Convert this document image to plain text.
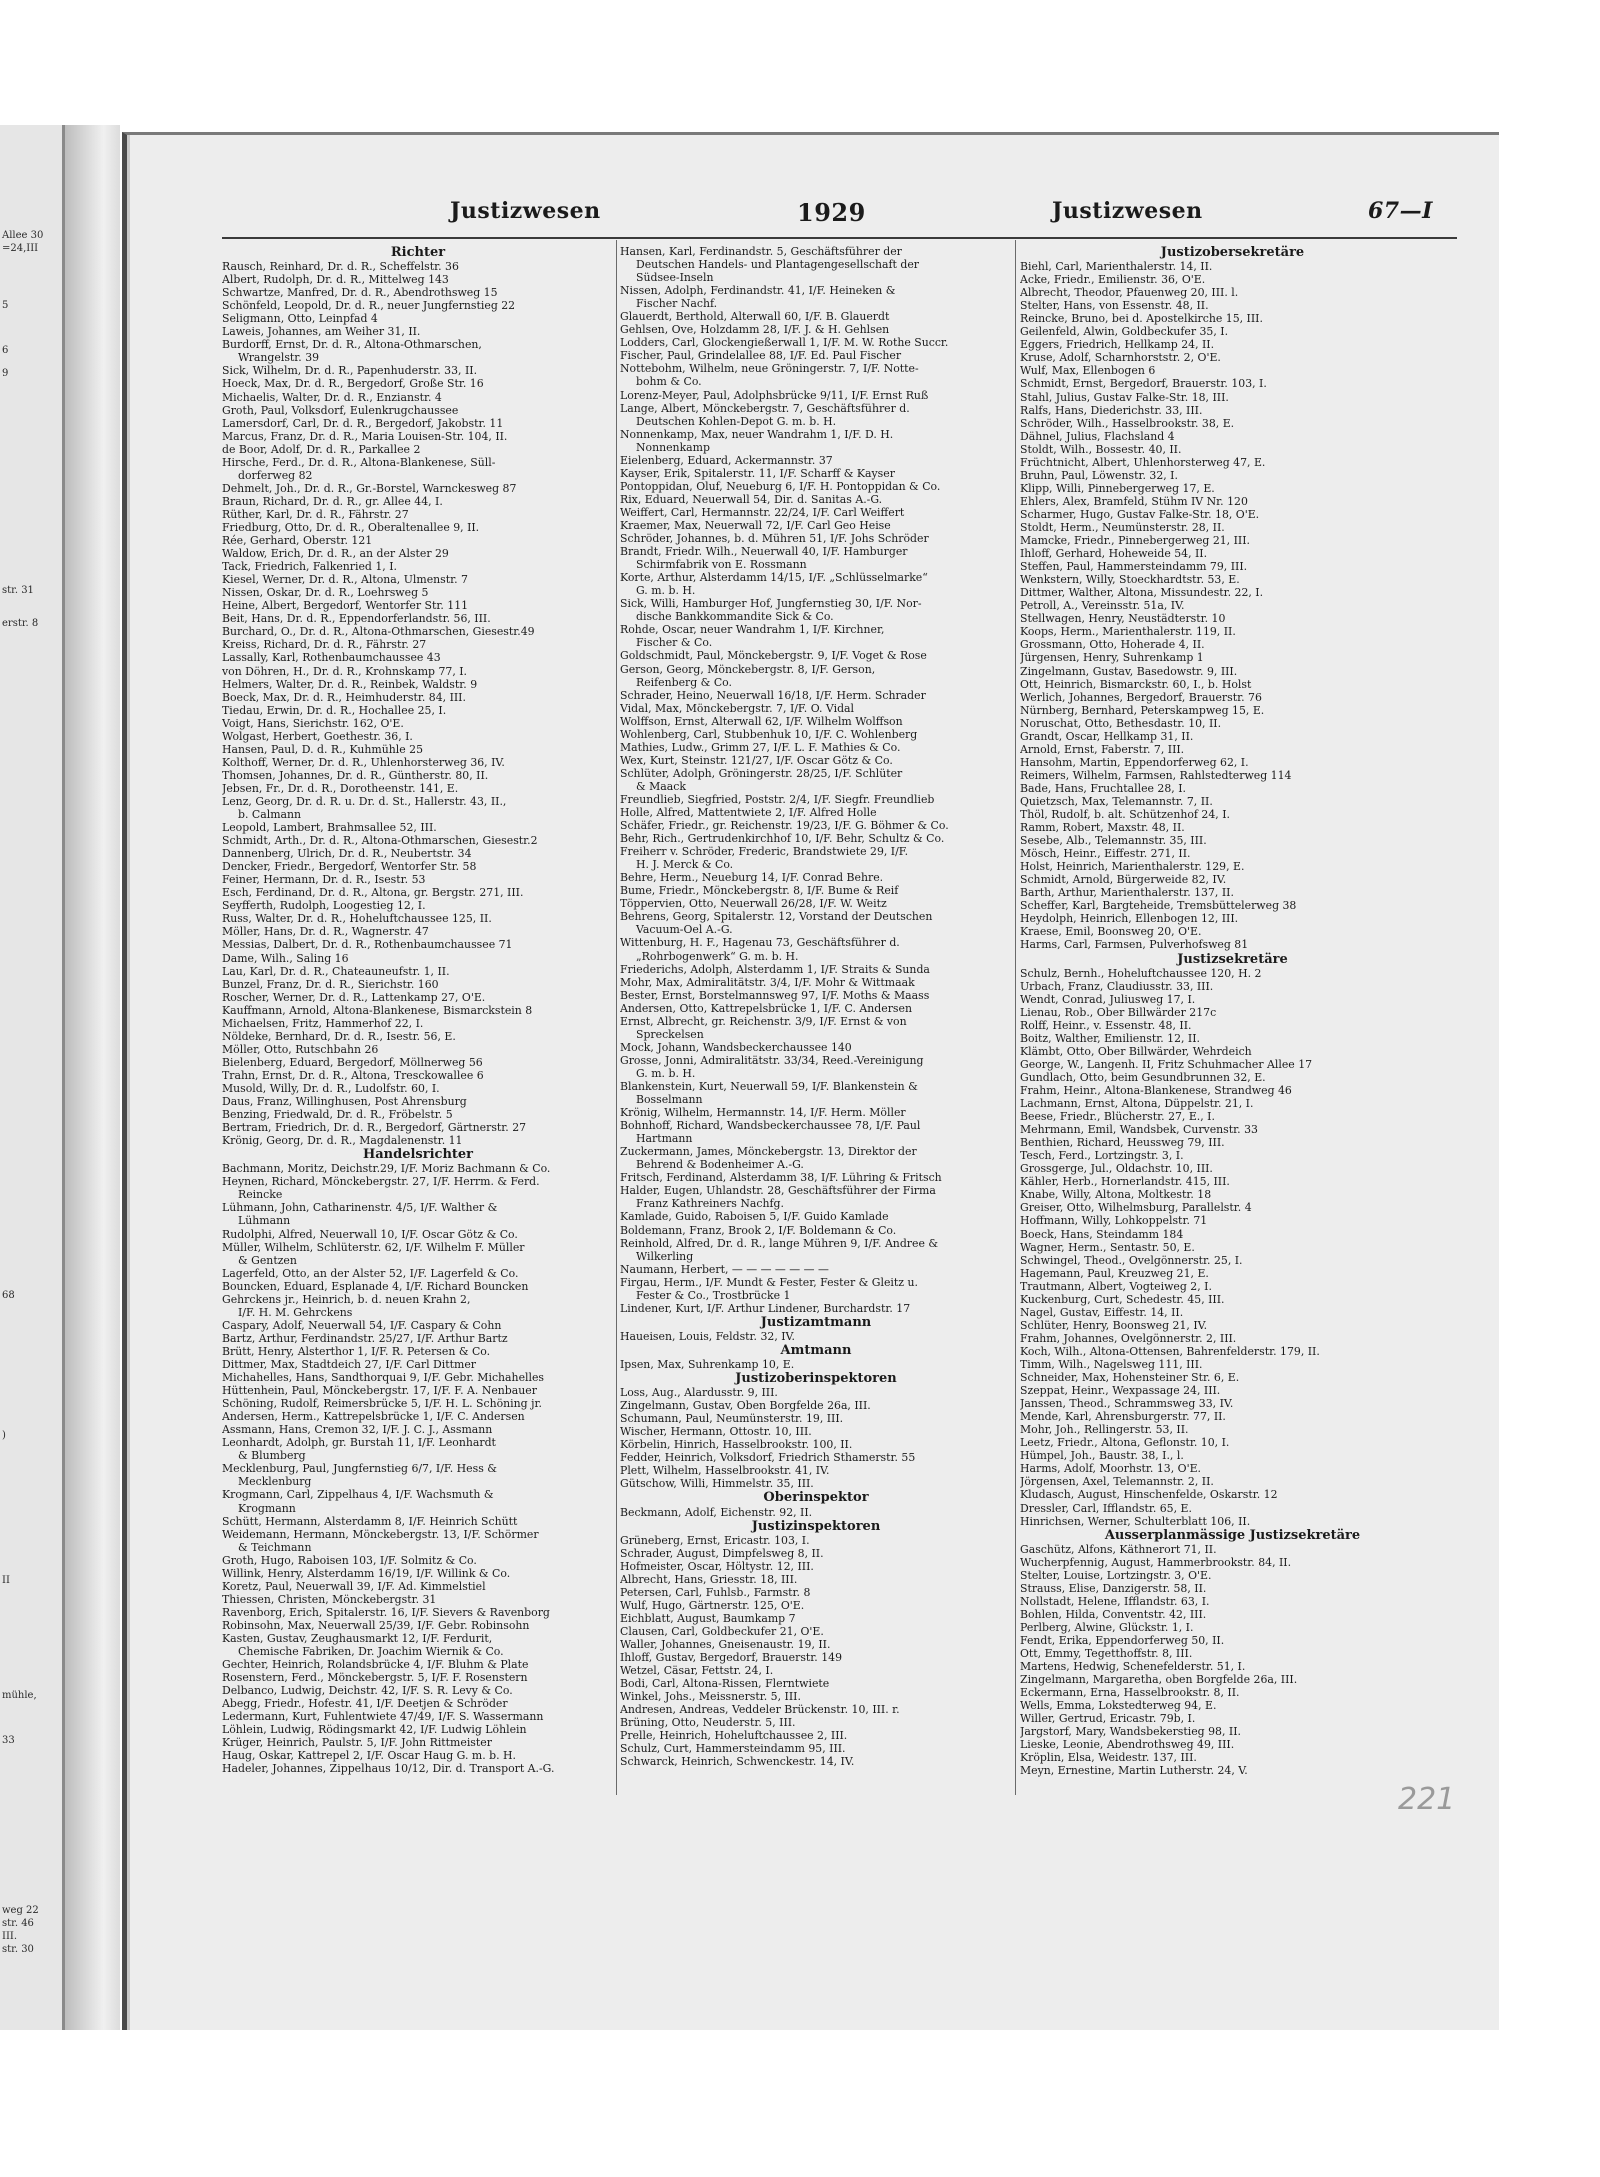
Allee 30
=24,III
5
6
9
str. 31
erstr. 8
68
)
II
mühle,
33
weg 22
str. 46
III.
str. 30
Justizwesen	1929	Justizwesen	67—I
Richter
Rausch, Reinhard, Dr. d. R., Scheffelstr. 36
Albert, Rudolph, Dr. d. R., Mittelweg 143
Schwartze, Manfred, Dr. d. R., Abendrothsweg 15
Schönfeld, Leopold, Dr. d. R., neuer Jungfernstieg 22
Seligmann, Otto, Leinpfad 4
Laweis, Johannes, am Weiher 31, II.
Burdorff, Ernst, Dr. d. R., Altona-Othmarschen,
Wrangelstr. 39
Sick, Wilhelm, Dr. d. R., Papenhuderstr. 33, II.
Hoeck, Max, Dr. d. R., Bergedorf, Große Str. 16
Michaelis, Walter, Dr. d. R., Enzianstr. 4
Groth, Paul, Volksdorf, Eulenkrugchaussee
Lamersdorf, Carl, Dr. d. R., Bergedorf, Jakobstr. 11
Marcus, Franz, Dr. d. R., Maria Louisen-Str. 104, II.
de Boor, Adolf, Dr. d. R., Parkallee 2
Hirsche, Ferd., Dr. d. R., Altona-Blankenese, Süll-
dorferweg 82
Dehmelt, Joh., Dr. d. R., Gr.-Borstel, Warnckesweg 87
Braun, Richard, Dr. d. R., gr. Allee 44, I.
Rüther, Karl, Dr. d. R., Fährstr. 27
Friedburg, Otto, Dr. d. R., Oberaltenallee 9, II.
Rée, Gerhard, Oberstr. 121
Waldow, Erich, Dr. d. R., an der Alster 29
Tack, Friedrich, Falkenried 1, I.
Kiesel, Werner, Dr. d. R., Altona, Ulmenstr. 7
Nissen, Oskar, Dr. d. R., Loehrsweg 5
Heine, Albert, Bergedorf, Wentorfer Str. 111
Beit, Hans, Dr. d. R., Eppendorferlandstr. 56, III.
Burchard, O., Dr. d. R., Altona-Othmarschen, Giesestr.49
Kreiss, Richard, Dr. d. R., Fährstr. 27
Lassally, Karl, Rothenbaumchaussee 43
von Döhren, H., Dr. d. R., Krohnskamp 77, I.
Helmers, Walter, Dr. d. R., Reinbek, Waldstr. 9
Boeck, Max, Dr. d. R., Heimhuderstr. 84, III.
Tiedau, Erwin, Dr. d. R., Hochallee 25, I.
Voigt, Hans, Sierichstr. 162, O'E.
Wolgast, Herbert, Goethestr. 36, I.
Hansen, Paul, D. d. R., Kuhmühle 25
Kolthoff, Werner, Dr. d. R., Uhlenhorsterweg 36, IV.
Thomsen, Johannes, Dr. d. R., Güntherstr. 80, II.
Jebsen, Fr., Dr. d. R., Dorotheenstr. 141, E.
Lenz, Georg, Dr. d. R. u. Dr. d. St., Hallerstr. 43, II.,
b. Calmann
Leopold, Lambert, Brahmsallee 52, III.
Schmidt, Arth., Dr. d. R., Altona-Othmarschen, Giesestr.2
Dannenberg, Ulrich, Dr. d. R., Neubertstr. 34
Dencker, Friedr., Bergedorf, Wentorfer Str. 58
Feiner, Hermann, Dr. d. R., Isestr. 53
Esch, Ferdinand, Dr. d. R., Altona, gr. Bergstr. 271, III.
Seyfferth, Rudolph, Loogestieg 12, I.
Russ, Walter, Dr. d. R., Hoheluftchaussee 125, II.
Möller, Hans, Dr. d. R., Wagnerstr. 47
Messias, Dalbert, Dr. d. R., Rothenbaumchaussee 71
Dame, Wilh., Saling 16
Lau, Karl, Dr. d. R., Chateauneufstr. 1, II.
Bunzel, Franz, Dr. d. R., Sierichstr. 160
Roscher, Werner, Dr. d. R., Lattenkamp 27, O'E.
Kauffmann, Arnold, Altona-Blankenese, Bismarckstein 8
Michaelsen, Fritz, Hammerhof 22, I.
Nöldeke, Bernhard, Dr. d. R., Isestr. 56, E.
Möller, Otto, Rutschbahn 26
Bielenberg, Eduard, Bergedorf, Möllnerweg 56
Trahn, Ernst, Dr. d. R., Altona, Tresckowallee 6
Musold, Willy, Dr. d. R., Ludolfstr. 60, I.
Daus, Franz, Willinghusen, Post Ahrensburg
Benzing, Friedwald, Dr. d. R., Fröbelstr. 5
Bertram, Friedrich, Dr. d. R., Bergedorf, Gärtnerstr. 27
Krönig, Georg, Dr. d. R., Magdalenenstr. 11
Handelsrichter
Bachmann, Moritz, Deichstr.29, I/F. Moriz Bachmann & Co.
Heynen, Richard, Mönckebergstr. 27, I/F. Herrm. & Ferd.
Reincke
Lühmann, John, Catharinenstr. 4/5, I/F. Walther &
Lühmann
Rudolphi, Alfred, Neuerwall 10, I/F. Oscar Götz & Co.
Müller, Wilhelm, Schlüterstr. 62, I/F. Wilhelm F. Müller
& Gentzen
Lagerfeld, Otto, an der Alster 52, I/F. Lagerfeld & Co.
Bouncken, Eduard, Esplanade 4, I/F. Richard Bouncken
Gehrckens jr., Heinrich, b. d. neuen Krahn 2,
I/F. H. M. Gehrckens
Caspary, Adolf, Neuerwall 54, I/F. Caspary & Cohn
Bartz, Arthur, Ferdinandstr. 25/27, I/F. Arthur Bartz
Brütt, Henry, Alsterthor 1, I/F. R. Petersen & Co.
Dittmer, Max, Stadtdeich 27, I/F. Carl Dittmer
Michahelles, Hans, Sandthorquai 9, I/F. Gebr. Michahelles
Hüttenhein, Paul, Mönckebergstr. 17, I/F. F. A. Nenbauer
Schöning, Rudolf, Reimersbrücke 5, I/F. H. L. Schöning jr.
Andersen, Herm., Kattrepelsbrücke 1, I/F. C. Andersen
Assmann, Hans, Cremon 32, I/F. J. C. J., Assmann
Leonhardt, Adolph, gr. Burstah 11, I/F. Leonhardt
& Blumberg
Mecklenburg, Paul, Jungfernstieg 6/7, I/F. Hess &
Mecklenburg
Krogmann, Carl, Zippelhaus 4, I/F. Wachsmuth &
Krogmann
Schütt, Hermann, Alsterdamm 8, I/F. Heinrich Schütt
Weidemann, Hermann, Mönckebergstr. 13, I/F. Schörmer
& Teichmann
Groth, Hugo, Raboisen 103, I/F. Solmitz & Co.
Willink, Henry, Alsterdamm 16/19, I/F. Willink & Co.
Koretz, Paul, Neuerwall 39, I/F. Ad. Kimmelstiel
Thiessen, Christen, Mönckebergstr. 31
Ravenborg, Erich, Spitalerstr. 16, I/F. Sievers & Ravenborg
Robinsohn, Max, Neuerwall 25/39, I/F. Gebr. Robinsohn
Kasten, Gustav, Zeughausmarkt 12, I/F. Ferdurit,
Chemische Fabriken, Dr. Joachim Wiernik & Co.
Gechter, Heinrich, Rolandsbrücke 4, I/F. Bluhm & Plate
Rosenstern, Ferd., Mönckebergstr. 5, I/F. F. Rosenstern
Delbanco, Ludwig, Deichstr. 42, I/F. S. R. Levy & Co.
Abegg, Friedr., Hofestr. 41, I/F. Deetjen & Schröder
Ledermann, Kurt, Fuhlentwiete 47/49, I/F. S. Wassermann
Löhlein, Ludwig, Rödingsmarkt 42, I/F. Ludwig Löhlein
Krüger, Heinrich, Paulstr. 5, I/F. John Rittmeister
Haug, Oskar, Kattrepel 2, I/F. Oscar Haug G. m. b. H.
Hadeler, Johannes, Zippelhaus 10/12, Dir. d. Transport A.-G.
Hansen, Karl, Ferdinandstr. 5, Geschäftsführer der
Deutschen Handels- und Plantagengesellschaft der
Südsee-Inseln
Nissen, Adolph, Ferdinandstr. 41, I/F. Heineken &
Fischer Nachf.
Glauerdt, Berthold, Alterwall 60, I/F. B. Glauerdt
Gehlsen, Ove, Holzdamm 28, I/F. J. & H. Gehlsen
Lodders, Carl, Glockengießerwall 1, I/F. M. W. Rothe Succr.
Fischer, Paul, Grindelallee 88, I/F. Ed. Paul Fischer
Nottebohm, Wilhelm, neue Gröningerstr. 7, I/F. Notte-
bohm & Co.
Lorenz-Meyer, Paul, Adolphsbrücke 9/11, I/F. Ernst Ruß
Lange, Albert, Mönckebergstr. 7, Geschäftsführer d.
Deutschen Kohlen-Depot G. m. b. H.
Nonnenkamp, Max, neuer Wandrahm 1, I/F. D. H.
Nonnenkamp
Eielenberg, Eduard, Ackermannstr. 37
Kayser, Erik, Spitalerstr. 11, I/F. Scharff & Kayser
Pontoppidan, Oluf, Neueburg 6, I/F. H. Pontoppidan & Co.
Rix, Eduard, Neuerwall 54, Dir. d. Sanitas A.-G.
Weiffert, Carl, Hermannstr. 22/24, I/F. Carl Weiffert
Kraemer, Max, Neuerwall 72, I/F. Carl Geo Heise
Schröder, Johannes, b. d. Mühren 51, I/F. Johs Schröder
Brandt, Friedr. Wilh., Neuerwall 40, I/F. Hamburger
Schirmfabrik von E. Rossmann
Korte, Arthur, Alsterdamm 14/15, I/F. „Schlüsselmarke“
G. m. b. H.
Sick, Willi, Hamburger Hof, Jungfernstieg 30, I/F. Nor-
dische Bankkommandite Sick & Co.
Rohde, Oscar, neuer Wandrahm 1, I/F. Kirchner,
Fischer & Co.
Goldschmidt, Paul, Mönckebergstr. 9, I/F. Voget & Rose
Gerson, Georg, Mönckebergstr. 8, I/F. Gerson,
Reifenberg & Co.
Schrader, Heino, Neuerwall 16/18, I/F. Herm. Schrader
Vidal, Max, Mönckebergstr. 7, I/F. O. Vidal
Wolffson, Ernst, Alterwall 62, I/F. Wilhelm Wolffson
Wohlenberg, Carl, Stubbenhuk 10, I/F. C. Wohlenberg
Mathies, Ludw., Grimm 27, I/F. L. F. Mathies & Co.
Wex, Kurt, Steinstr. 121/27, I/F. Oscar Götz & Co.
Schlüter, Adolph, Gröningerstr. 28/25, I/F. Schlüter
& Maack
Freundlieb, Siegfried, Poststr. 2/4, I/F. Siegfr. Freundlieb
Holle, Alfred, Mattentwiete 2, I/F. Alfred Holle
Schäfer, Friedr., gr. Reichenstr. 19/23, I/F. G. Böhmer & Co.
Behr, Rich., Gertrudenkirchhof 10, I/F. Behr, Schultz & Co.
Freiherr v. Schröder, Frederic, Brandstwiete 29, I/F.
H. J. Merck & Co.
Behre, Herm., Neueburg 14, I/F. Conrad Behre.
Bume, Friedr., Mönckebergstr. 8, I/F. Bume & Reif
Töppervien, Otto, Neuerwall 26/28, I/F. W. Weitz
Behrens, Georg, Spitalerstr. 12, Vorstand der Deutschen
Vacuum-Oel A.-G.
Wittenburg, H. F., Hagenau 73, Geschäftsführer d.
„Rohrbogenwerk“ G. m. b. H.
Friederichs, Adolph, Alsterdamm 1, I/F. Straits & Sunda
Mohr, Max, Admiralitätstr. 3/4, I/F. Mohr & Wittmaak
Bester, Ernst, Borstelmannsweg 97, I/F. Moths & Maass
Andersen, Otto, Kattrepelsbrücke 1, I/F. C. Andersen
Ernst, Albrecht, gr. Reichenstr. 3/9, I/F. Ernst & von
Spreckelsen
Mock, Johann, Wandsbeckerchaussee 140
Grosse, Jonni, Admiralitätstr. 33/34, Reed.-Vereinigung
G. m. b. H.
Blankenstein, Kurt, Neuerwall 59, I/F. Blankenstein &
Bosselmann
Krönig, Wilhelm, Hermannstr. 14, I/F. Herm. Möller
Bohnhoff, Richard, Wandsbeckerchaussee 78, I/F. Paul
Hartmann
Zuckermann, James, Mönckebergstr. 13, Direktor der
Behrend & Bodenheimer A.-G.
Fritsch, Ferdinand, Alsterdamm 38, I/F. Lühring & Fritsch
Halder, Eugen, Uhlandstr. 28, Geschäftsführer der Firma
Franz Kathreiners Nachfg.
Kamlade, Guido, Raboisen 5, I/F. Guido Kamlade
Boldemann, Franz, Brook 2, I/F. Boldemann & Co.
Reinhold, Alfred, Dr. d. R., lange Mühren 9, I/F. Andree &
Wilkerling
Naumann, Herbert, — — — — — — —
Firgau, Herm., I/F. Mundt & Fester, Fester & Gleitz u.
Fester & Co., Trostbrücke 1
Lindener, Kurt, I/F. Arthur Lindener, Burchardstr. 17
Justizamtmann
Haueisen, Louis, Feldstr. 32, IV.
Amtmann
Ipsen, Max, Suhrenkamp 10, E.
Justizoberinspektoren
Loss, Aug., Alardusstr. 9, III.
Zingelmann, Gustav, Oben Borgfelde 26a, III.
Schumann, Paul, Neumünsterstr. 19, III.
Wischer, Hermann, Ottostr. 10, III.
Körbelin, Hinrich, Hasselbrookstr. 100, II.
Fedder, Heinrich, Volksdorf, Friedrich Sthamerstr. 55
Plett, Wilhelm, Hasselbrookstr. 41, IV.
Gütschow, Willi, Himmelstr. 35, III.
Oberinspektor
Beckmann, Adolf, Eichenstr. 92, II.
Justizinspektoren
Grüneberg, Ernst, Ericastr. 103, I.
Schrader, August, Dimpfelsweg 8, II.
Hofmeister, Oscar, Höltystr. 12, III.
Albrecht, Hans, Griesstr. 18, III.
Petersen, Carl, Fuhlsb., Farmstr. 8
Wulf, Hugo, Gärtnerstr. 125, O'E.
Eichblatt, August, Baumkamp 7
Clausen, Carl, Goldbeckufer 21, O'E.
Waller, Johannes, Gneisenaustr. 19, II.
Ihloff, Gustav, Bergedorf, Brauerstr. 149
Wetzel, Cäsar, Fettstr. 24, I.
Bodi, Carl, Altona-Rissen, Flerntwiete
Winkel, Johs., Meissnerstr. 5, III.
Andresen, Andreas, Veddeler Brückenstr. 10, III. r.
Brüning, Otto, Neuderstr. 5, III.
Prelle, Heinrich, Hoheluftchaussee 2, III.
Schulz, Curt, Hammersteindamm 95, III.
Schwarck, Heinrich, Schwenckestr. 14, IV.
Justizobersekretäre
Biehl, Carl, Marienthalerstr. 14, II.
Acke, Friedr., Emilienstr. 36, O'E.
Albrecht, Theodor, Pfauenweg 20, III. l.
Stelter, Hans, von Essenstr. 48, II.
Reincke, Bruno, bei d. Apostelkirche 15, III.
Geilenfeld, Alwin, Goldbeckufer 35, I.
Eggers, Friedrich, Hellkamp 24, II.
Kruse, Adolf, Scharnhorststr. 2, O'E.
Wulf, Max, Ellenbogen 6
Schmidt, Ernst, Bergedorf, Brauerstr. 103, I.
Stahl, Julius, Gustav Falke-Str. 18, III.
Ralfs, Hans, Diederichstr. 33, III.
Schröder, Wilh., Hasselbrookstr. 38, E.
Dähnel, Julius, Flachsland 4
Stoldt, Wilh., Bossestr. 40, II.
Früchtnicht, Albert, Uhlenhorsterweg 47, E.
Bruhn, Paul, Löwenstr. 32, I.
Klipp, Willi, Pinnebergerweg 17, E.
Ehlers, Alex, Bramfeld, Stühm IV Nr. 120
Scharmer, Hugo, Gustav Falke-Str. 18, O'E.
Stoldt, Herm., Neumünsterstr. 28, II.
Mamcke, Friedr., Pinnebergerweg 21, III.
Ihloff, Gerhard, Hoheweide 54, II.
Steffen, Paul, Hammersteindamm 79, III.
Wenkstern, Willy, Stoeckhardtstr. 53, E.
Dittmer, Walther, Altona, Missundestr. 22, I.
Petroll, A., Vereinsstr. 51a, IV.
Stellwagen, Henry, Neustädterstr. 10
Koops, Herm., Marienthalerstr. 119, II.
Grossmann, Otto, Hoherade 4, II.
Jürgensen, Henry, Suhrenkamp 1
Zingelmann, Gustav, Basedowstr. 9, III.
Ott, Heinrich, Bismarckstr. 60, I., b. Holst
Werlich, Johannes, Bergedorf, Brauerstr. 76
Nürnberg, Bernhard, Peterskampweg 15, E.
Noruschat, Otto, Bethesdastr. 10, II.
Grandt, Oscar, Hellkamp 31, II.
Arnold, Ernst, Faberstr. 7, III.
Hansohm, Martin, Eppendorferweg 62, I.
Reimers, Wilhelm, Farmsen, Rahlstedterweg 114
Bade, Hans, Fruchtallee 28, I.
Quietzsch, Max, Telemannstr. 7, II.
Thöl, Rudolf, b. alt. Schützenhof 24, I.
Ramm, Robert, Maxstr. 48, II.
Sesebe, Alb., Telemannstr. 35, III.
Mösch, Heinr., Eiffestr. 271, II.
Holst, Heinrich, Marienthalerstr. 129, E.
Schmidt, Arnold, Bürgerweide 82, IV.
Barth, Arthur, Marienthalerstr. 137, II.
Scheffer, Karl, Bargteheide, Tremsbüttelerweg 38
Heydolph, Heinrich, Ellenbogen 12, III.
Kraese, Emil, Boonsweg 20, O'E.
Harms, Carl, Farmsen, Pulverhofsweg 81
Justizsekretäre
Schulz, Bernh., Hoheluftchaussee 120, H. 2
Urbach, Franz, Claudiusstr. 33, III.
Wendt, Conrad, Juliusweg 17, I.
Lienau, Rob., Ober Billwärder 217c
Rolff, Heinr., v. Essenstr. 48, II.
Boitz, Walther, Emilienstr. 12, II.
Klämbt, Otto, Ober Billwärder, Wehrdeich
George, W., Langenh. II, Fritz Schuhmacher Allee 17
Gundlach, Otto, beim Gesundbrunnen 32, E.
Frahm, Heinr., Altona-Blankenese, Strandweg 46
Lachmann, Ernst, Altona, Düppelstr. 21, I.
Beese, Friedr., Blücherstr. 27, E., I.
Mehrmann, Emil, Wandsbek, Curvenstr. 33
Benthien, Richard, Heussweg 79, III.
Tesch, Ferd., Lortzingstr. 3, I.
Grossgerge, Jul., Oldachstr. 10, III.
Kähler, Herb., Hornerlandstr. 415, III.
Knabe, Willy, Altona, Moltkestr. 18
Greiser, Otto, Wilhelmsburg, Parallelstr. 4
Hoffmann, Willy, Lohkoppelstr. 71
Boeck, Hans, Steindamm 184
Wagner, Herm., Sentastr. 50, E.
Schwingel, Theod., Ovelgönnerstr. 25, I.
Hagemann, Paul, Kreuzweg 21, E.
Trautmann, Albert, Vogteiweg 2, I.
Kuckenburg, Curt, Schedestr. 45, III.
Nagel, Gustav, Eiffestr. 14, II.
Schlüter, Henry, Boonsweg 21, IV.
Frahm, Johannes, Ovelgönnerstr. 2, III.
Koch, Wilh., Altona-Ottensen, Bahrenfelderstr. 179, II.
Timm, Wilh., Nagelsweg 111, III.
Schneider, Max, Hohensteiner Str. 6, E.
Szeppat, Heinr., Wexpassage 24, III.
Janssen, Theod., Schrammsweg 33, IV.
Mende, Karl, Ahrensburgerstr. 77, II.
Mohr, Joh., Rellingerstr. 53, II.
Leetz, Friedr., Altona, Geflonstr. 10, I.
Hümpel, Joh., Baustr. 38, I., l.
Harms, Adolf, Moorhstr. 13, O'E.
Jörgensen, Axel, Telemannstr. 2, II.
Kludasch, August, Hinschenfelde, Oskarstr. 12
Dressler, Carl, Ifflandstr. 65, E.
Hinrichsen, Werner, Schulterblatt 106, II.
Ausserplanmässige Justizsekretäre
Gaschütz, Alfons, Käthnerort 71, II.
Wucherpfennig, August, Hammerbrookstr. 84, II.
Stelter, Louise, Lortzingstr. 3, O'E.
Strauss, Elise, Danzigerstr. 58, II.
Nollstadt, Helene, Ifflandstr. 63, I.
Bohlen, Hilda, Conventstr. 42, III.
Perlberg, Alwine, Glückstr. 1, I.
Fendt, Erika, Eppendorferweg 50, II.
Ott, Emmy, Tegetthoffstr. 8, III.
Martens, Hedwig, Schenefelderstr. 51, I.
Zingelmann, Margaretha, oben Borgfelde 26a, III.
Eckermann, Erna, Hasselbrookstr. 8, II.
Wells, Emma, Lokstedterweg 94, E.
Willer, Gertrud, Ericastr. 79b, I.
Jargstorf, Mary, Wandsbekerstieg 98, II.
Lieske, Leonie, Abendrothsweg 49, III.
Kröplin, Elsa, Weidestr. 137, III.
Meyn, Ernestine, Martin Lutherstr. 24, V.
221
